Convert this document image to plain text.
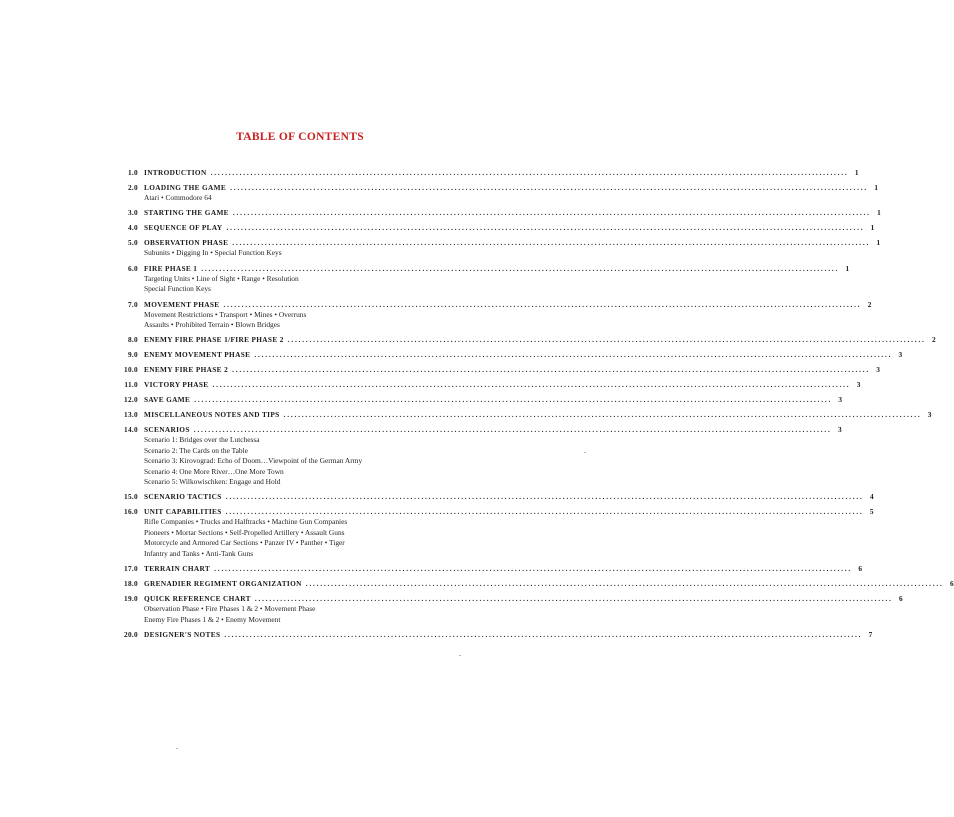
TABLE OF CONTENTS
1.0 INTRODUCTION ................................................................................................................................................................................ 1
2.0 LOADING THE GAME ................................................................................................................................................................................ 1
Atari • Commodore 64
3.0 STARTING THE GAME ................................................................................................................................................................................ 1
4.0 SEQUENCE OF PLAY ................................................................................................................................................................................ 1
5.0 OBSERVATION PHASE ................................................................................................................................................................................ 1
Subunits • Digging In • Special Function Keys
6.0 FIRE PHASE 1 ................................................................................................................................................................................ 1
Targeting Units • Line of Sight • Range • Resolution
Special Function Keys
7.0 MOVEMENT PHASE ................................................................................................................................................................................ 2
Movement Restrictions • Transport • Mines • Overruns
Assaults • Prohibited Terrain • Blown Bridges
8.0 ENEMY FIRE PHASE 1/FIRE PHASE 2 ................................................................................................................................................................................ 2
9.0 ENEMY MOVEMENT PHASE ................................................................................................................................................................................ 3
10.0 ENEMY FIRE PHASE 2 ................................................................................................................................................................................ 3
11.0 VICTORY PHASE ................................................................................................................................................................................ 3
12.0 SAVE GAME ................................................................................................................................................................................ 3
13.0 MISCELLANEOUS NOTES AND TIPS ................................................................................................................................................................................ 3
14.0 SCENARIOS ................................................................................................................................................................................ 3
Scenario 1: Bridges over the Lutchessa
Scenario 2: The Cards on the Table
Scenario 3: Kirovograd: Echo of Doom…Viewpoint of the German Army
Scenario 4: One More River…One More Town
Scenario 5: Wilkowischken: Engage and Hold
15.0 SCENARIO TACTICS ................................................................................................................................................................................ 4
16.0 UNIT CAPABILITIES ................................................................................................................................................................................ 5
Rifle Companies • Trucks and Halftracks • Machine Gun Companies
Pioneers • Mortar Sections • Self-Propelled Artillery • Assault Guns
Motorcycle and Armored Car Sections • Panzer IV • Panther • Tiger
Infantry and Tanks • Anti-Tank Guns
17.0 TERRAIN CHART ................................................................................................................................................................................ 6
18.0 GRENADIER REGIMENT ORGANIZATION ................................................................................................................................................................................ 6
19.0 QUICK REFERENCE CHART ................................................................................................................................................................................ 6
Observation Phase • Fire Phases 1 & 2 • Movement Phase
Enemy Fire Phases 1 & 2 • Enemy Movement
20.0 DESIGNER'S NOTES ................................................................................................................................................................................ 7
